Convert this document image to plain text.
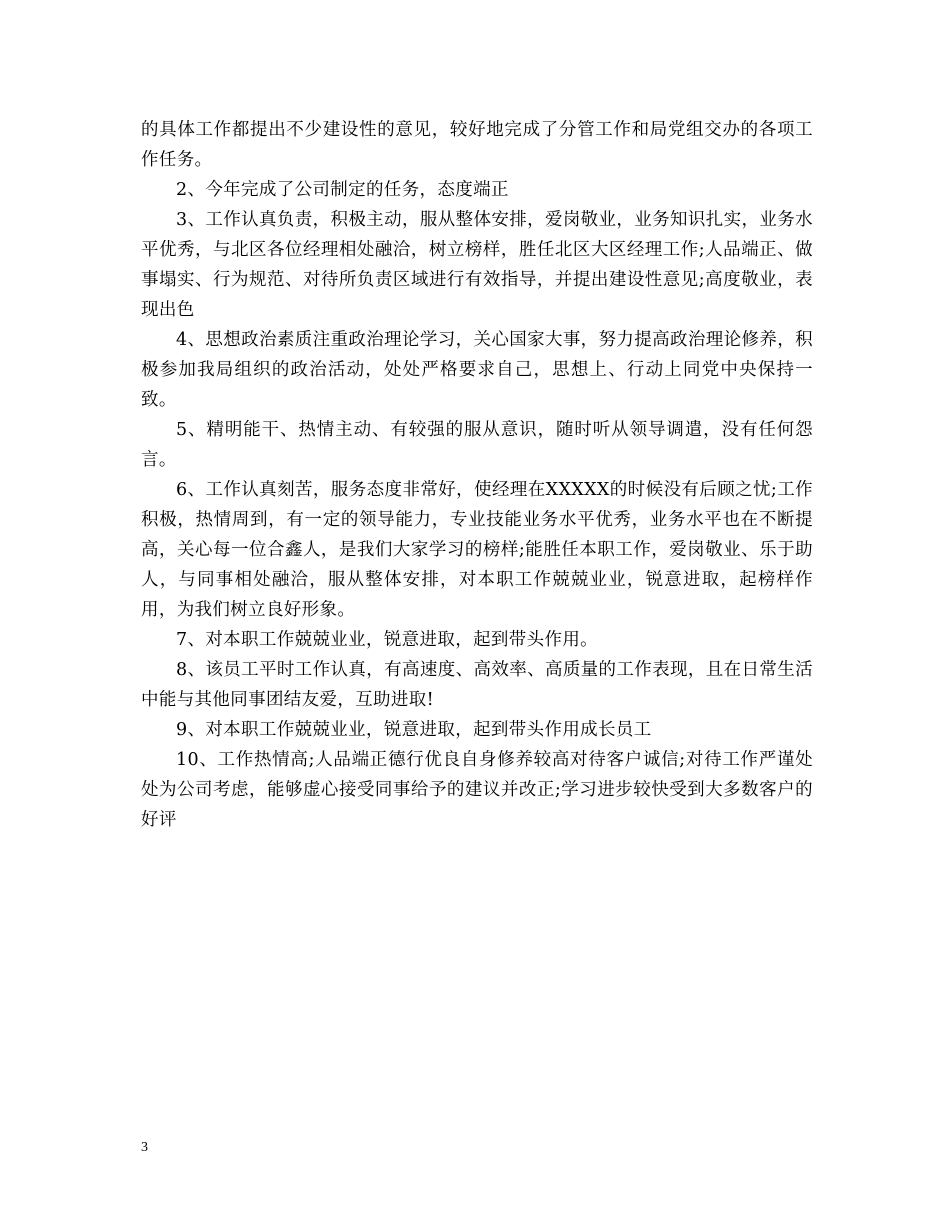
的具体工作都提出不少建设性的意见，较好地完成了分管工作和局党组交办的各项工作任务。

2、今年完成了公司制定的任务，态度端正

3、工作认真负责，积极主动，服从整体安排，爱岗敬业，业务知识扎实，业务水平优秀，与北区各位经理相处融洽，树立榜样，胜任北区大区经理工作;人品端正、做事塌实、行为规范、对待所负责区域进行有效指导，并提出建设性意见;高度敬业，表现出色

4、思想政治素质注重政治理论学习，关心国家大事，努力提高政治理论修养，积极参加我局组织的政治活动，处处严格要求自己，思想上、行动上同党中央保持一致。

5、精明能干、热情主动、有较强的服从意识，随时听从领导调遣，没有任何怨言。

6、工作认真刻苦，服务态度非常好，使经理在XXXXX的时候没有后顾之忧;工作积极，热情周到，有一定的领导能力，专业技能业务水平优秀，业务水平也在不断提高，关心每一位合鑫人，是我们大家学习的榜样;能胜任本职工作，爱岗敬业、乐于助人，与同事相处融洽，服从整体安排，对本职工作兢兢业业，锐意进取，起榜样作用，为我们树立良好形象。

7、对本职工作兢兢业业，锐意进取，起到带头作用。

8、该员工平时工作认真，有高速度、高效率、高质量的工作表现，且在日常生活中能与其他同事团结友爱，互助进取!

9、对本职工作兢兢业业，锐意进取，起到带头作用成长员工

10、工作热情高;人品端正德行优良自身修养较高对待客户诚信;对待工作严谨处处为公司考虑，能够虚心接受同事给予的建议并改正;学习进步较快受到大多数客户的好评

3
